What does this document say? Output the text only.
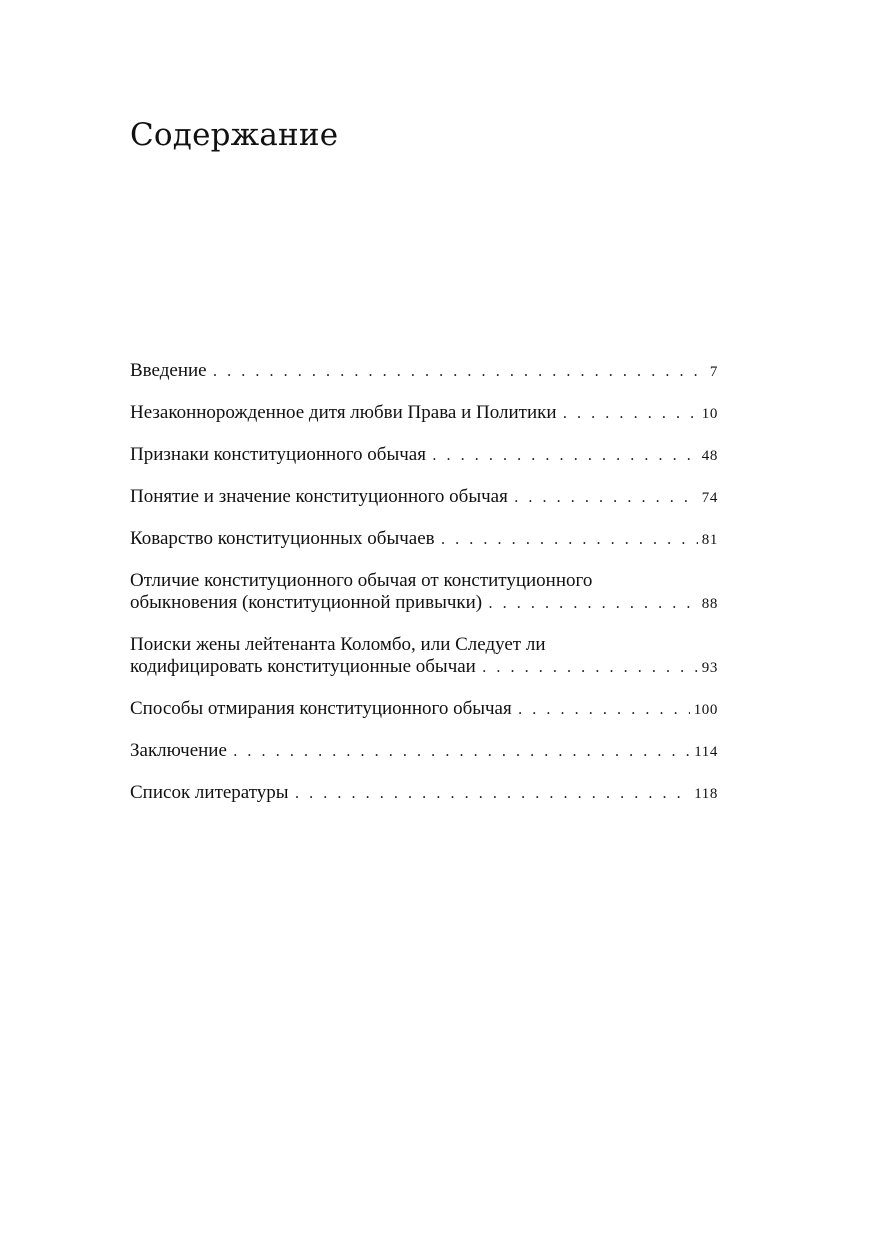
Содержание
Введение . . .	7
Незаконнорожденное дитя любви Права и Политики . . .	10
Признаки конституционного обычая . . .	48
Понятие и значение конституционного обычая . . .	74
Коварство конституционных обычаев . . .	81
Отличие конституционного обычая от конституционного
обыкновения (конституционной привычки) . . .	88
Поиски жены лейтенанта Коломбо, или Следует ли
кодифицировать конституционные обычаи . . .	93
Способы отмирания конституционного обычая . . .	100
Заключение . . .	114
Список литературы . . .	118
